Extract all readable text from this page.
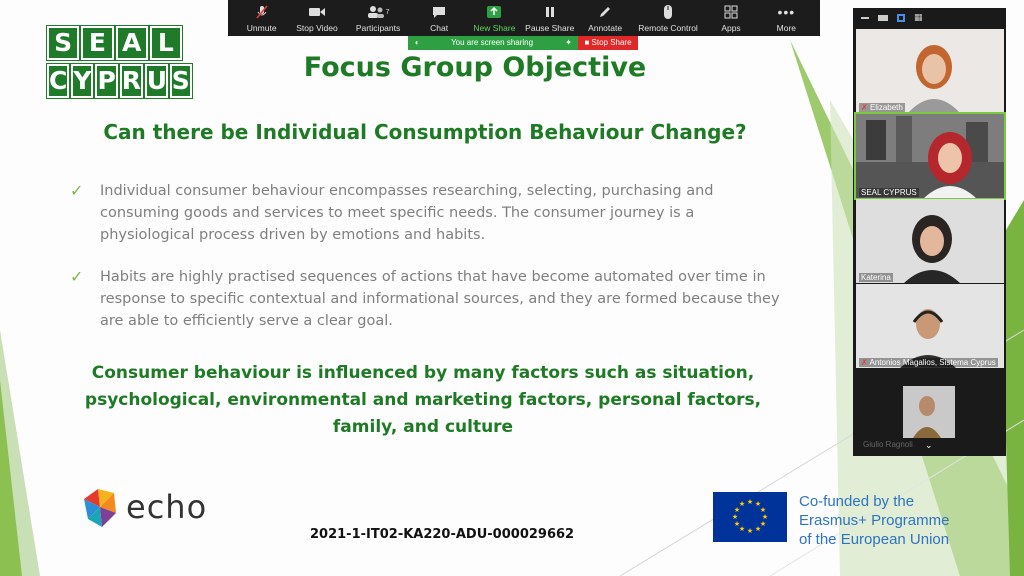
S E A L
C Y P R U S	Focus Group Objective
Can there be Individual Consumption Behaviour Change?
✓	Individual consumer behaviour encompasses researching, selecting, purchasing and consuming goods and services to meet specific needs. The consumer journey is a physiological process driven by emotions and habits.
✓	Habits are highly practised sequences of actions that have become automated over time in response to specific contextual and informational sources, and they are formed because they are able to efficiently serve a clear goal.
Consumer behaviour is influenced by many factors such as situation, psychological, environmental and marketing factors, personal factors, family, and culture
echo
2021-1-IT02-KA220-ADU-000029662
★ ★
★
★
★
★
★
★
★
★
★
★	Co-funded by the
Erasmus+ Programme
of the European Union
Unmute Stop Video
7
Participants	Chat	New Share Pause Share Annotate Remote Control	Apps
•••
More
◖	You are screen sharing	✦	■ Stop Share
▦
✗ Elizabeth
SEAL CYPRUS
Katerina
✗ Antonios Magalios, Sistema Cyprus
Giulio Ragnoli ⌄
